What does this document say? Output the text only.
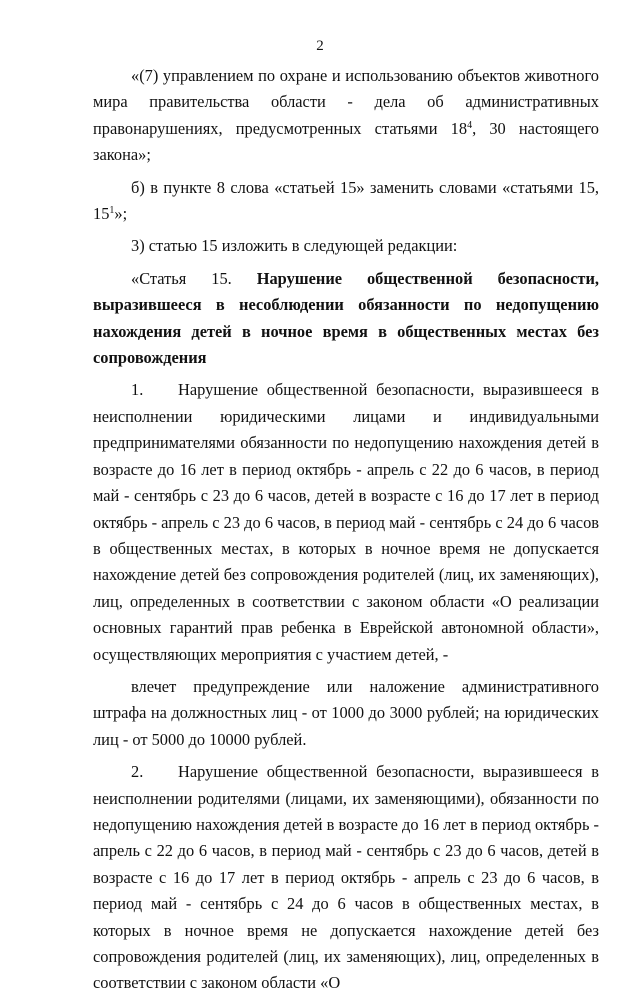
2

«(7) управлением по охране и использованию объектов животного мира правительства области - дела об административных правонарушениях, предусмотренных статьями $18^4$, 30 настоящего закона»;

б) в пункте 8 слова «статьей 15» заменить словами «статьями 15, $15^1$»;

3) статью 15 изложить в следующей редакции:

«Статья 15. Нарушение общественной безопасности, выразившееся в несоблюдении обязанности по недопущению нахождения детей в ночное время в общественных местах без сопровождения

1.    Нарушение общественной безопасности, выразившееся в неисполнении юридическими лицами и индивидуальными предпринимателями обязанности по недопущению нахождения детей в возрасте до 16 лет в период октябрь - апрель с 22 до 6 часов, в период май - сентябрь с 23 до 6 часов, детей в возрасте с 16 до 17 лет в период октябрь - апрель с 23 до 6 часов, в период май - сентябрь с 24 до 6 часов в общественных местах, в которых в ночное время не допускается нахождение детей без сопровождения родителей (лиц, их заменяющих), лиц, определенных в соответствии с законом области «О реализации основных гарантий прав ребенка в Еврейской автономной области», осуществляющих мероприятия с участием детей, -

влечет предупреждение или наложение административного штрафа на должностных лиц - от 1000 до 3000 рублей; на юридических лиц - от 5000 до 10000 рублей.

2.    Нарушение общественной безопасности, выразившееся в неисполнении родителями (лицами, их заменяющими), обязанности по недопущению нахождения детей в возрасте до 16 лет в период октябрь - апрель с 22 до 6 часов, в период май - сентябрь с 23 до 6 часов, детей в возрасте с 16 до 17 лет в период октябрь - апрель с 23 до 6 часов, в период май - сентябрь с 24 до 6 часов в общественных местах, в которых в ночное время не допускается нахождение детей без сопровождения родителей (лиц, их заменяющих), лиц, определенных в соответствии с законом области «О
